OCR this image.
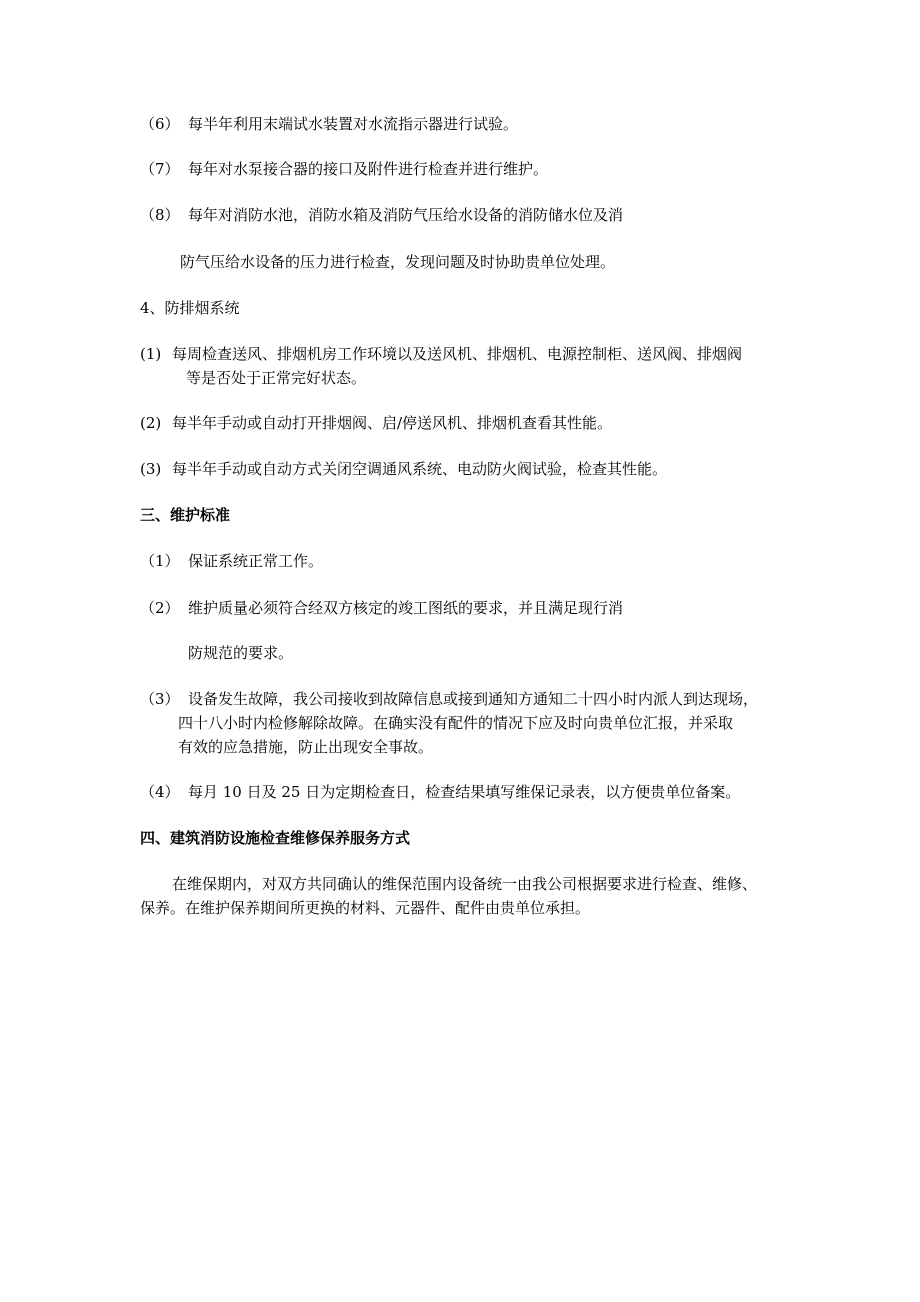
（6） 每半年利用末端试水装置对水流指示器进行试验。
（7） 每年对水泵接合器的接口及附件进行检查并进行维护。
（8） 每年对消防水池，消防水箱及消防气压给水设备的消防储水位及消
防气压给水设备的压力进行检查，发现问题及时协助贵单位处理。
4、防排烟系统
(1) 每周检查送风、排烟机房工作环境以及送风机、排烟机、电源控制柜、送风阀、排烟阀
等是否处于正常完好状态。
(2) 每半年手动或自动打开排烟阀、启/停送风机、排烟机查看其性能。
(3) 每半年手动或自动方式关闭空调通风系统、电动防火阀试验，检查其性能。
三、维护标准
（1） 保证系统正常工作。
（2） 维护质量必须符合经双方核定的竣工图纸的要求，并且满足现行消
防规范的要求。
（3） 设备发生故障，我公司接收到故障信息或接到通知方通知二十四小时内派人到达现场，
四十八小时内检修解除故障。在确实没有配件的情况下应及时向贵单位汇报，并采取
有效的应急措施，防止出现安全事故。
（4） 每月 10 日及 25 日为定期检查日，检查结果填写维保记录表，以方便贵单位备案。
四、建筑消防设施检查维修保养服务方式
在维保期内，对双方共同确认的维保范围内设备统一由我公司根据要求进行检查、维修、
保养。在维护保养期间所更换的材料、元器件、配件由贵单位承担。
